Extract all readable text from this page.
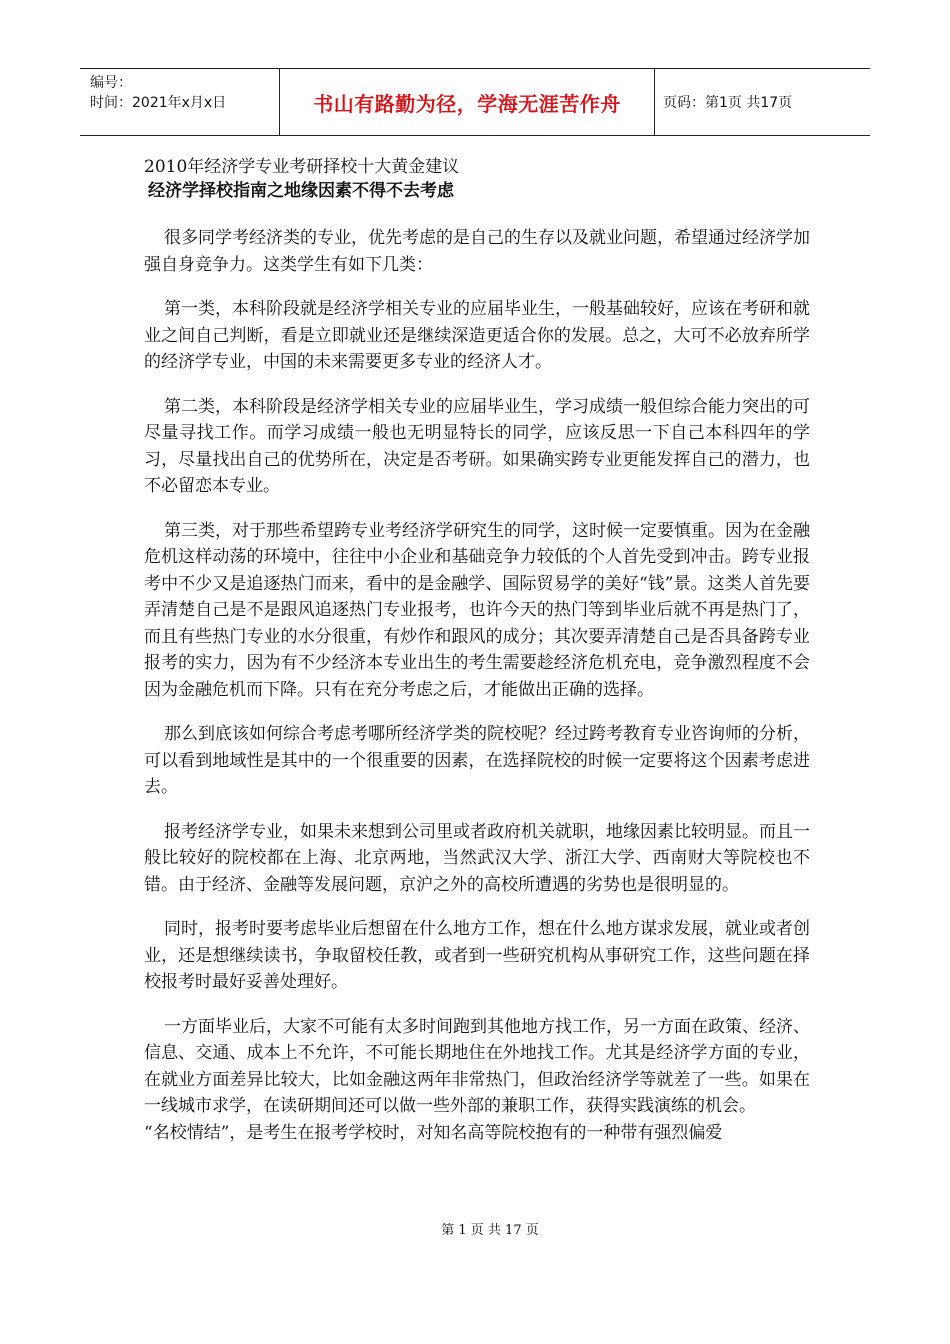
编号：
时间：2021年x月x日	书山有路勤为径，学海无涯苦作舟	页码：第1页 共17页
2010年经济学专业考研择校十大黄金建议
经济学择校指南之地缘因素不得不去考虑

很多同学考经济类的专业，优先考虑的是自己的生存以及就业问题，希望通过经济学加强自身竞争力。这类学生有如下几类：

第一类，本科阶段就是经济学相关专业的应届毕业生，一般基础较好，应该在考研和就业之间自己判断，看是立即就业还是继续深造更适合你的发展。总之，大可不必放弃所学的经济学专业，中国的未来需要更多专业的经济人才。

第二类，本科阶段是经济学相关专业的应届毕业生，学习成绩一般但综合能力突出的可尽量寻找工作。而学习成绩一般也无明显特长的同学，应该反思一下自己本科四年的学习，尽量找出自己的优势所在，决定是否考研。如果确实跨专业更能发挥自己的潜力，也不必留恋本专业。

第三类，对于那些希望跨专业考经济学研究生的同学，这时候一定要慎重。因为在金融危机这样动荡的环境中，往往中小企业和基础竞争力较低的个人首先受到冲击。跨专业报考中不少又是追逐热门而来，看中的是金融学、国际贸易学的美好“钱”景。这类人首先要弄清楚自己是不是跟风追逐热门专业报考，也许今天的热门等到毕业后就不再是热门了，而且有些热门专业的水分很重，有炒作和跟风的成分；其次要弄清楚自己是否具备跨专业报考的实力，因为有不少经济本专业出生的考生需要趁经济危机充电，竞争激烈程度不会因为金融危机而下降。只有在充分考虑之后，才能做出正确的选择。

那么到底该如何综合考虑考哪所经济学类的院校呢？经过跨考教育专业咨询师的分析，可以看到地域性是其中的一个很重要的因素，在选择院校的时候一定要将这个因素考虑进去。

报考经济学专业，如果未来想到公司里或者政府机关就职，地缘因素比较明显。而且一般比较好的院校都在上海、北京两地，当然武汉大学、浙江大学、西南财大等院校也不错。由于经济、金融等发展问题，京沪之外的高校所遭遇的劣势也是很明显的。

同时，报考时要考虑毕业后想留在什么地方工作，想在什么地方谋求发展，就业或者创业，还是想继续读书，争取留校任教，或者到一些研究机构从事研究工作，这些问题在择校报考时最好妥善处理好。

一方面毕业后，大家不可能有太多时间跑到其他地方找工作，另一方面在政策、经济、信息、交通、成本上不允许，不可能长期地住在外地找工作。尤其是经济学方面的专业，在就业方面差异比较大，比如金融这两年非常热门，但政治经济学等就差了一些。如果在一线城市求学，在读研期间还可以做一些外部的兼职工作，获得实践演练的机会。

“名校情结”，是考生在报考学校时，对知名高等院校抱有的一种带有强烈偏爱

第 1 页 共 17 页
